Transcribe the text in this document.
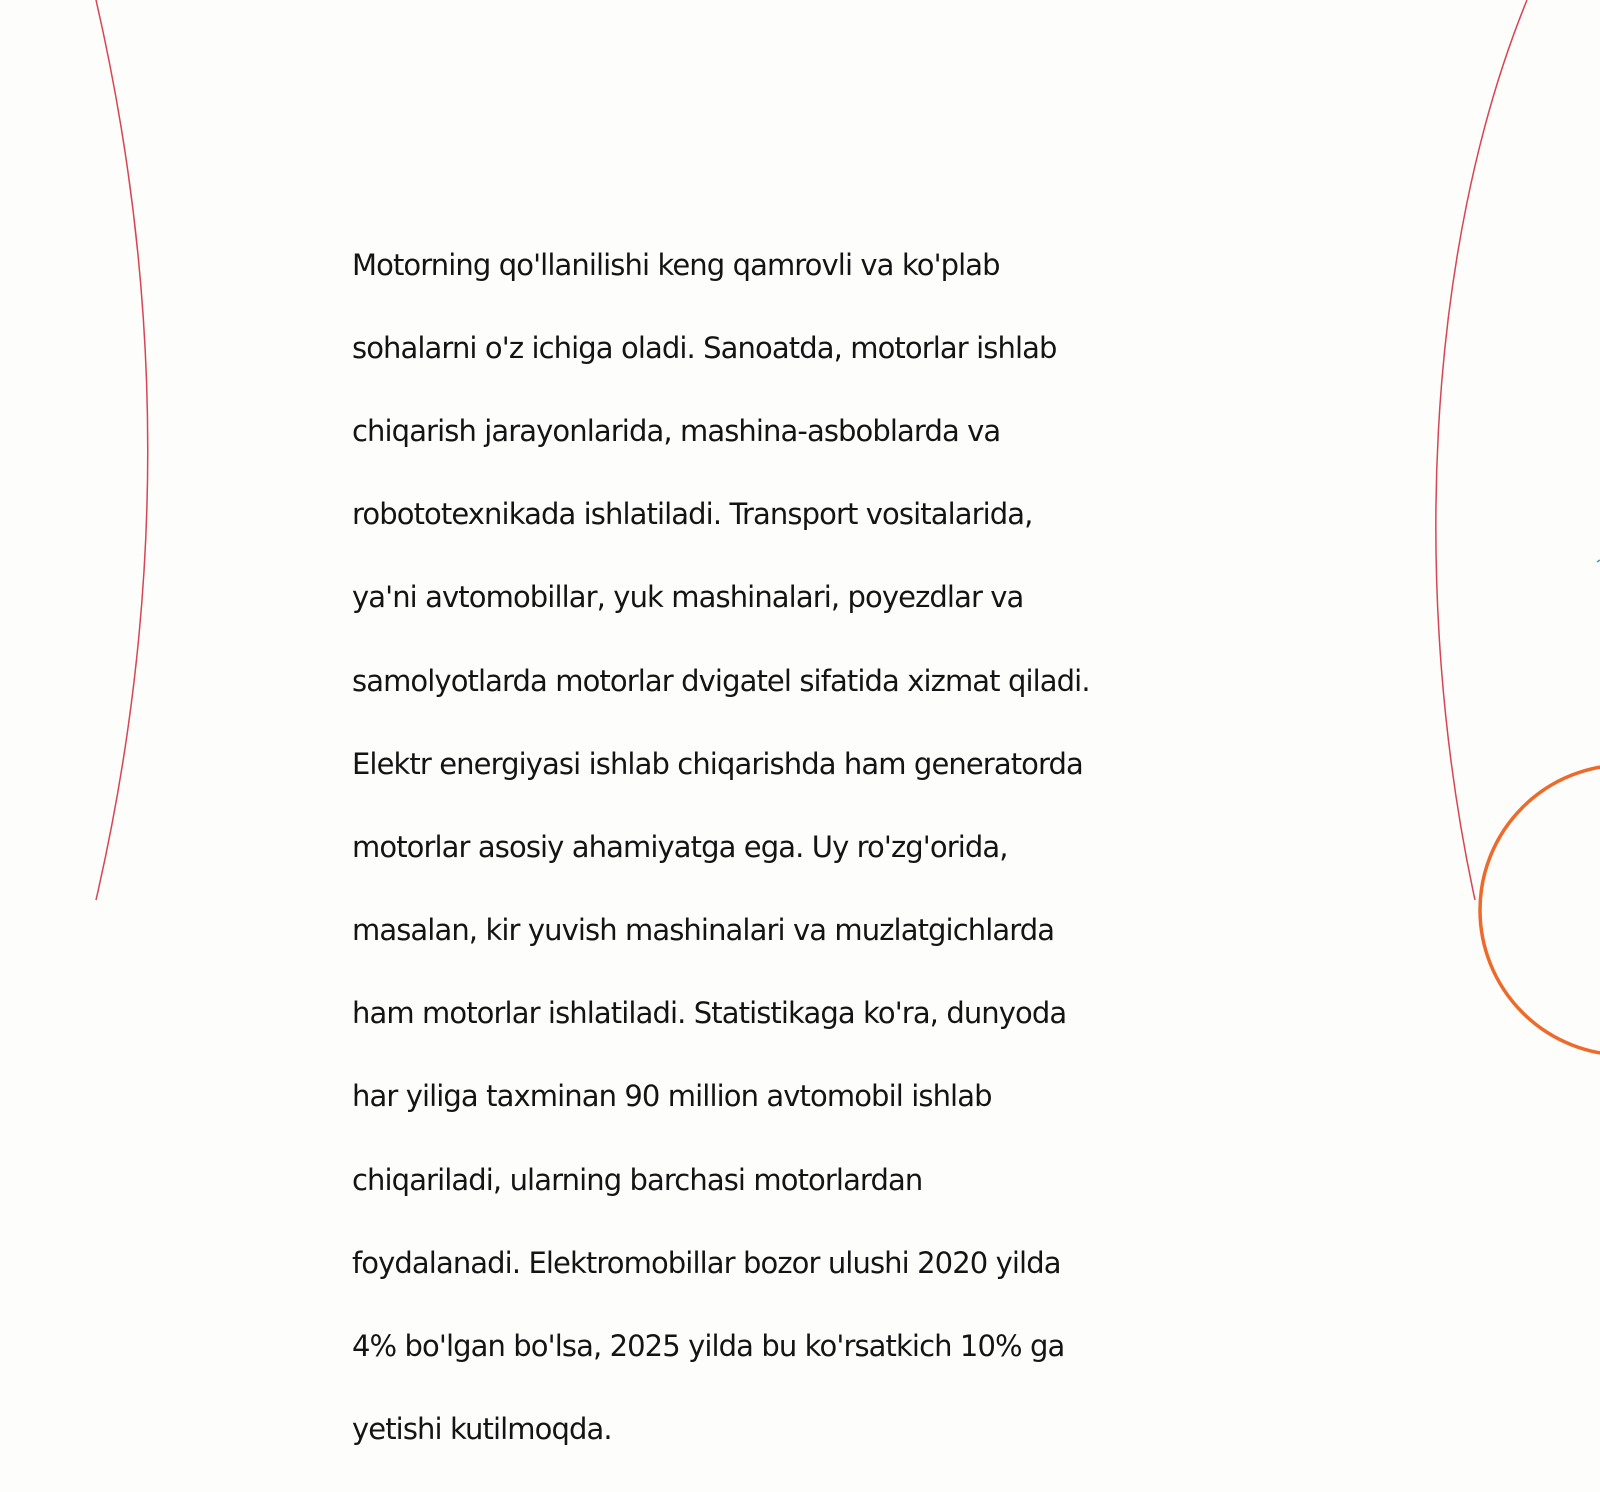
Motorning qo'llanilishi keng qamrovli va ko'plab

sohalarni o'z ichiga oladi. Sanoatda, motorlar ishlab

chiqarish jarayonlarida, mashina-asboblarda va

robototexnikada ishlatiladi. Transport vositalarida,

ya'ni avtomobillar, yuk mashinalari, poyezdlar va

samolyotlarda motorlar dvigatel sifatida xizmat qiladi.

Elektr energiyasi ishlab chiqarishda ham generatorda

motorlar asosiy ahamiyatga ega. Uy ro'zg'orida,

masalan, kir yuvish mashinalari va muzlatgichlarda

ham motorlar ishlatiladi. Statistikaga ko'ra, dunyoda

har yiliga taxminan 90 million avtomobil ishlab

chiqariladi, ularning barchasi motorlardan

foydalanadi. Elektromobillar bozor ulushi 2020 yilda

4% bo'lgan bo'lsa, 2025 yilda bu ko'rsatkich 10% ga

yetishi kutilmoqda.
